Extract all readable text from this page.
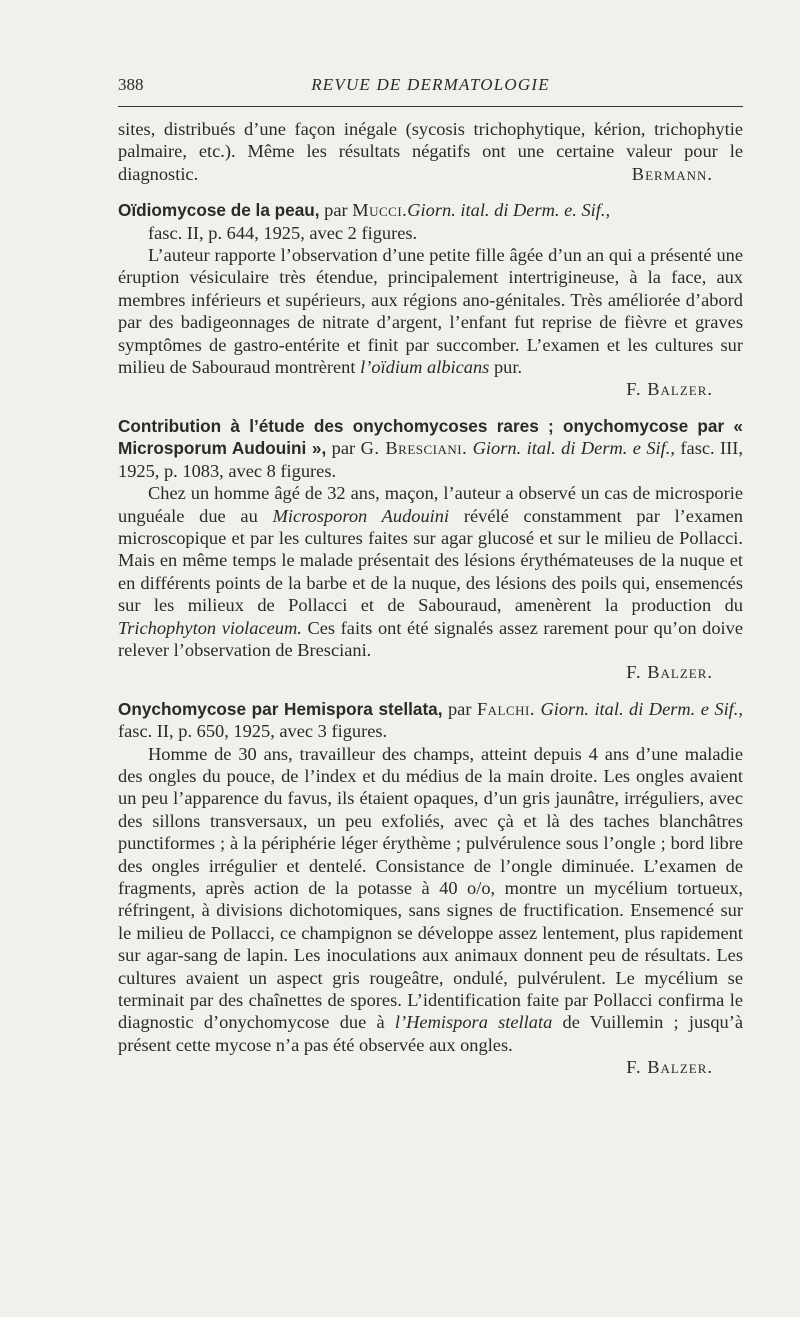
388	REVUE DE DERMATOLOGIE

sites, distribués d’une façon inégale (sycosis trichophytique, kérion, trichophytie palmaire, etc.). Même les résultats négatifs ont une certaine valeur pour le diagnostic.	Bermann.

Oïdiomycose de la peau, par Mucci.Giorn. ital. di Derm. e. Sif.,
fasc. II, p. 644, 1925, avec 2 figures.

L’auteur rapporte l’observation d’une petite fille âgée d’un an qui a présenté une éruption vésiculaire très étendue, principalement intertrigineuse, à la face, aux membres inférieurs et supérieurs, aux régions ano-génitales. Très améliorée d’abord par des badigeonnages de nitrate d’argent, l’enfant fut reprise de fièvre et graves symptômes de gastro-entérite et finit par succomber. L’examen et les cultures sur milieu de Sabouraud montrèrent l’oïdium albicans pur.

F. Balzer.

Contribution à l’étude des onychomycoses rares ; onychomycose par « Microsporum Audouini », par G. Bresciani. Giorn. ital. di Derm. e Sif., fasc. III, 1925, p. 1083, avec 8 figures.

Chez un homme âgé de 32 ans, maçon, l’auteur a observé un cas de microsporie unguéale due au Microsporon Audouini révélé constamment par l’examen microscopique et par les cultures faites sur agar glucosé et sur le milieu de Pollacci. Mais en même temps le malade présentait des lésions érythémateuses de la nuque et en différents points de la barbe et de la nuque, des lésions des poils qui, ensemencés sur les milieux de Pollacci et de Sabouraud, amenèrent la production du Trichophyton violaceum. Ces faits ont été signalés assez rarement pour qu’on doive relever l’observation de Bresciani.

F. Balzer.

Onychomycose par Hemispora stellata, par Falchi. Giorn. ital. di Derm. e Sif., fasc. II, p. 650, 1925, avec 3 figures.

Homme de 30 ans, travailleur des champs, atteint depuis 4 ans d’une maladie des ongles du pouce, de l’index et du médius de la main droite. Les ongles avaient un peu l’apparence du favus, ils étaient opaques, d’un gris jaunâtre, irréguliers, avec des sillons transversaux, un peu exfoliés, avec çà et là des taches blanchâtres punctiformes ; à la périphérie léger érythème ; pulvérulence sous l’ongle ; bord libre des ongles irrégulier et dentelé. Consistance de l’ongle diminuée. L’examen de fragments, après action de la potasse à 40 o/o, montre un mycélium tortueux, réfringent, à divisions dichotomiques, sans signes de fructification. Ensemencé sur le milieu de Pollacci, ce champignon se développe assez lentement, plus rapidement sur agar-sang de lapin. Les inoculations aux animaux donnent peu de résultats. Les cultures avaient un aspect gris rougeâtre, ondulé, pulvérulent. Le mycélium se terminait par des chaînettes de spores. L’identification faite par Pollacci confirma le diagnostic d’onychomycose due à l’Hemispora stellata de Vuillemin ; jusqu’à présent cette mycose n’a pas été observée aux ongles.

F. Balzer.
